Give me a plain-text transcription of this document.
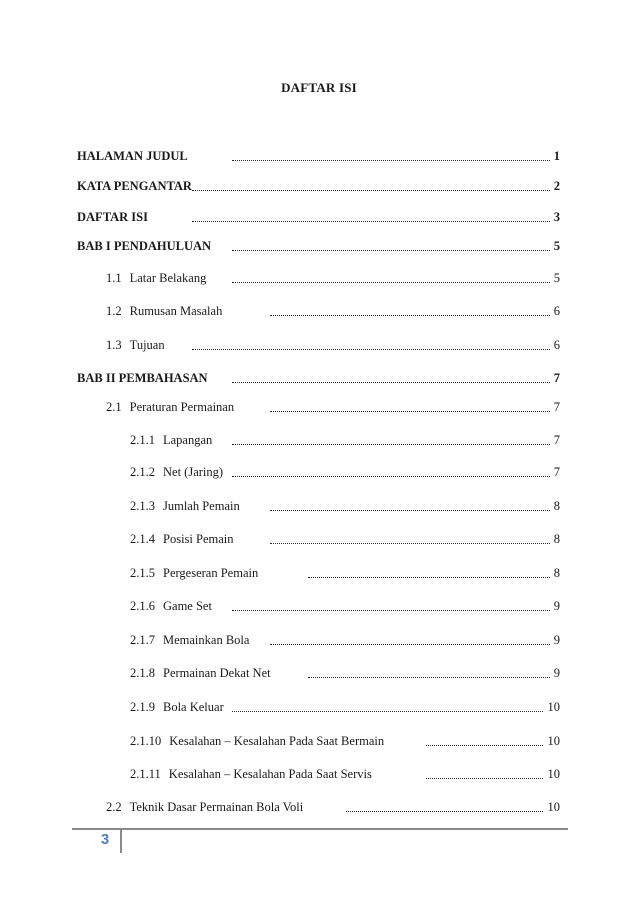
DAFTAR ISI
HALAMAN JUDUL	1
KATA PENGANTAR	2
DAFTAR ISI	3
BAB I PENDAHULUAN	5
1.1 Latar Belakang	5
1.2 Rumusan Masalah	6
1.3 Tujuan	6
BAB II PEMBAHASAN	7
2.1 Peraturan Permainan	7
2.1.1 Lapangan	7
2.1.2 Net (Jaring)	7
2.1.3 Jumlah Pemain	8
2.1.4 Posisi Pemain	8
2.1.5 Pergeseran Pemain	8
2.1.6 Game Set	9
2.1.7 Memainkan Bola	9
2.1.8 Permainan Dekat Net	9
2.1.9 Bola Keluar	10
2.1.10 Kesalahan – Kesalahan Pada Saat Bermain	10
2.1.11 Kesalahan – Kesalahan Pada Saat Servis	10
2.2 Teknik Dasar Permainan Bola Voli	10
3
